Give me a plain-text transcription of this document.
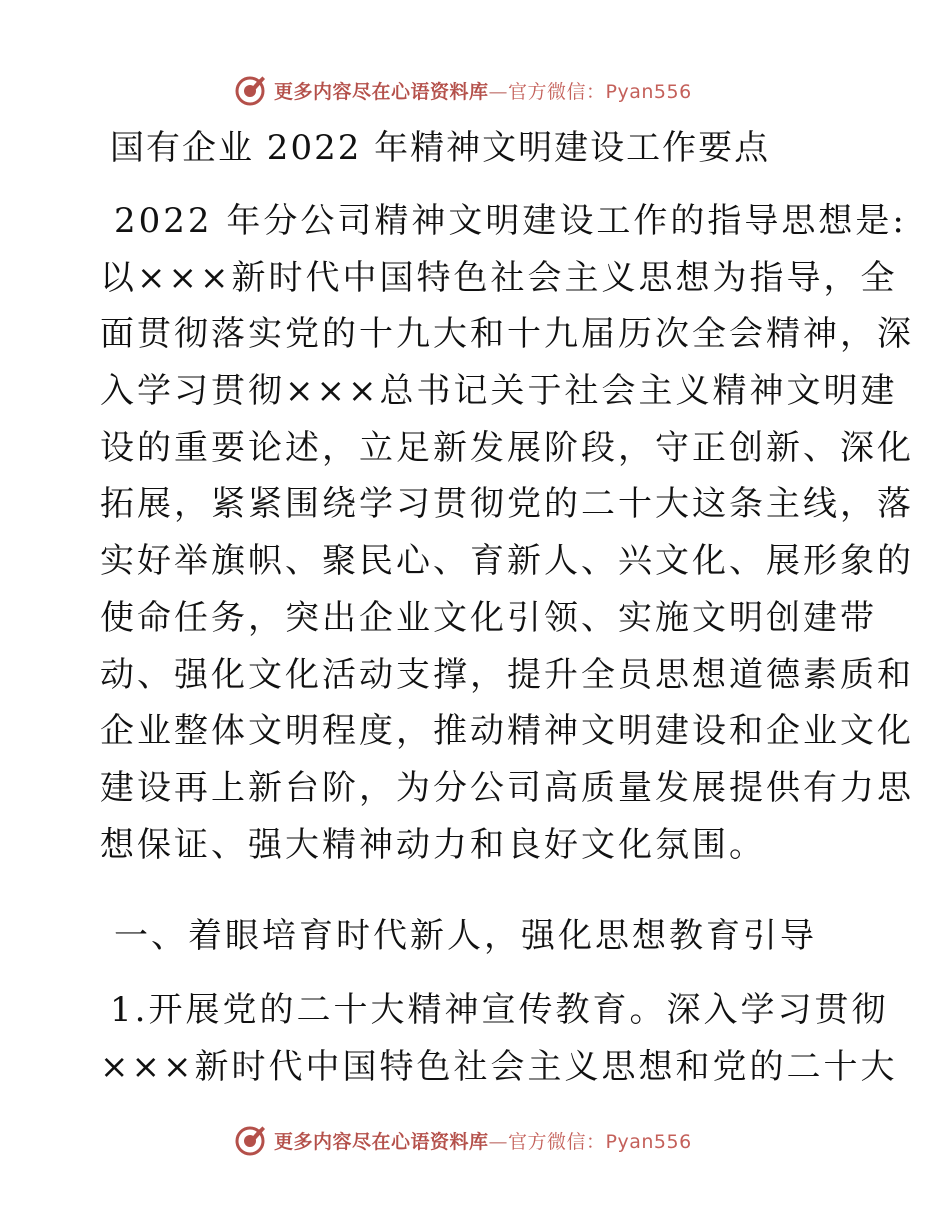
更多内容尽在心语资料库—官方微信：Pyan556
国有企业 2022 年精神文明建设工作要点
2022 年分公司精神文明建设工作的指导思想是:
以×××新时代中国特色社会主义思想为指导，全
面贯彻落实党的十九大和十九届历次全会精神，深
入学习贯彻×××总书记关于社会主义精神文明建
设的重要论述，立足新发展阶段，守正创新、深化
拓展，紧紧围绕学习贯彻党的二十大这条主线，落
实好举旗帜、聚民心、育新人、兴文化、展形象的
使命任务，突出企业文化引领、实施文明创建带
动、强化文化活动支撑，提升全员思想道德素质和
企业整体文明程度，推动精神文明建设和企业文化
建设再上新台阶，为分公司高质量发展提供有力思
想保证、强大精神动力和良好文化氛围。
一、着眼培育时代新人，强化思想教育引导
1.开展党的二十大精神宣传教育。深入学习贯彻
×××新时代中国特色社会主义思想和党的二十大
更多内容尽在心语资料库—官方微信：Pyan556
